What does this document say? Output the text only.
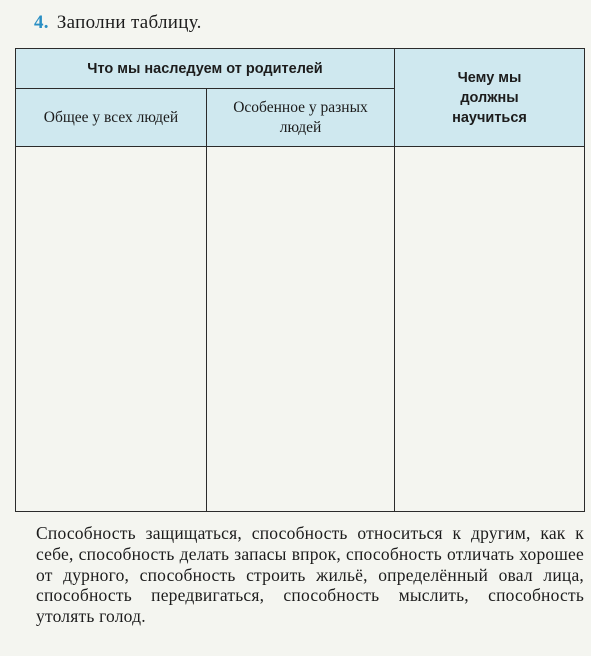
4. Заполни таблицу.
Что мы наследуем от родителей		Чему мы должны научиться
Общее у всех людей	Особенное у разных людей	

Способность защищаться, способность относиться к другим, как к себе, способность делать запасы впрок, способность отличать хорошее от дурного, способность строить жильё, определённый овал лица, способность передвигаться, способность мыслить, способность утолять голод.
